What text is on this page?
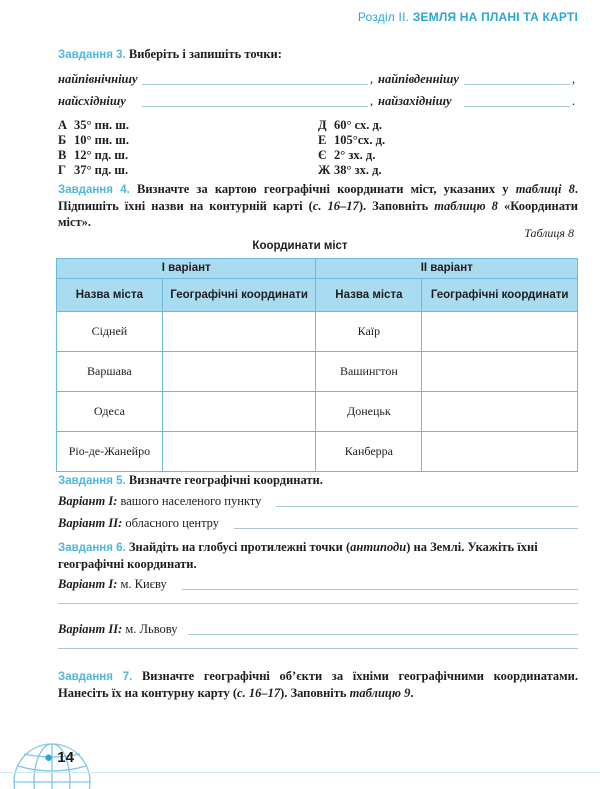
Розділ ІІ. ЗЕМЛЯ НА ПЛАНІ ТА КАРТІ
Завдання 3. Виберіть і запишіть точки:
найпівнічнішу	, найпівденнішу	,
найсхіднішу	, найзахіднішу	.
А 35° пн. ш.
Б 10° пн. ш.
В 12° пд. ш.
Г 37° пд. ш.
Д 60° сх. д.
Е 105°сх. д.
Є 2° зх. д.
Ж 38° зх. д.
Завдання 4. Визначте за картою географічні координати міст, указаних у таблиці 8. Підпишіть їхні назви на контурній карті (с. 16–17). Заповніть таблицю 8 «Координати міст».
Таблиця 8
Координати міст
І варіант		ІІ варіант	
Назва міста	Географічні координати	Назва міста	Географічні координати
Сідней		Каїр	
Варшава		Вашингтон	
Одеса		Донецьк	
Ріо-де-Жанейро		Канберра	
Завдання 5. Визначте географічні координати.
Варіант І: вашого населеного пункту
Варіант ІІ: обласного центру
Завдання 6. Знайдіть на глобусі протилежні точки (антиподи) на Землі. Укажіть їхні географічні координати.
Варіант І: м. Києву
Варіант ІІ: м. Львову
Завдання 7. Визначте географічні об’єкти за їхніми географічними координатами. Нанесіть їх на контурну карту (с. 16–17). Заповніть таблицю 9.
● 14
